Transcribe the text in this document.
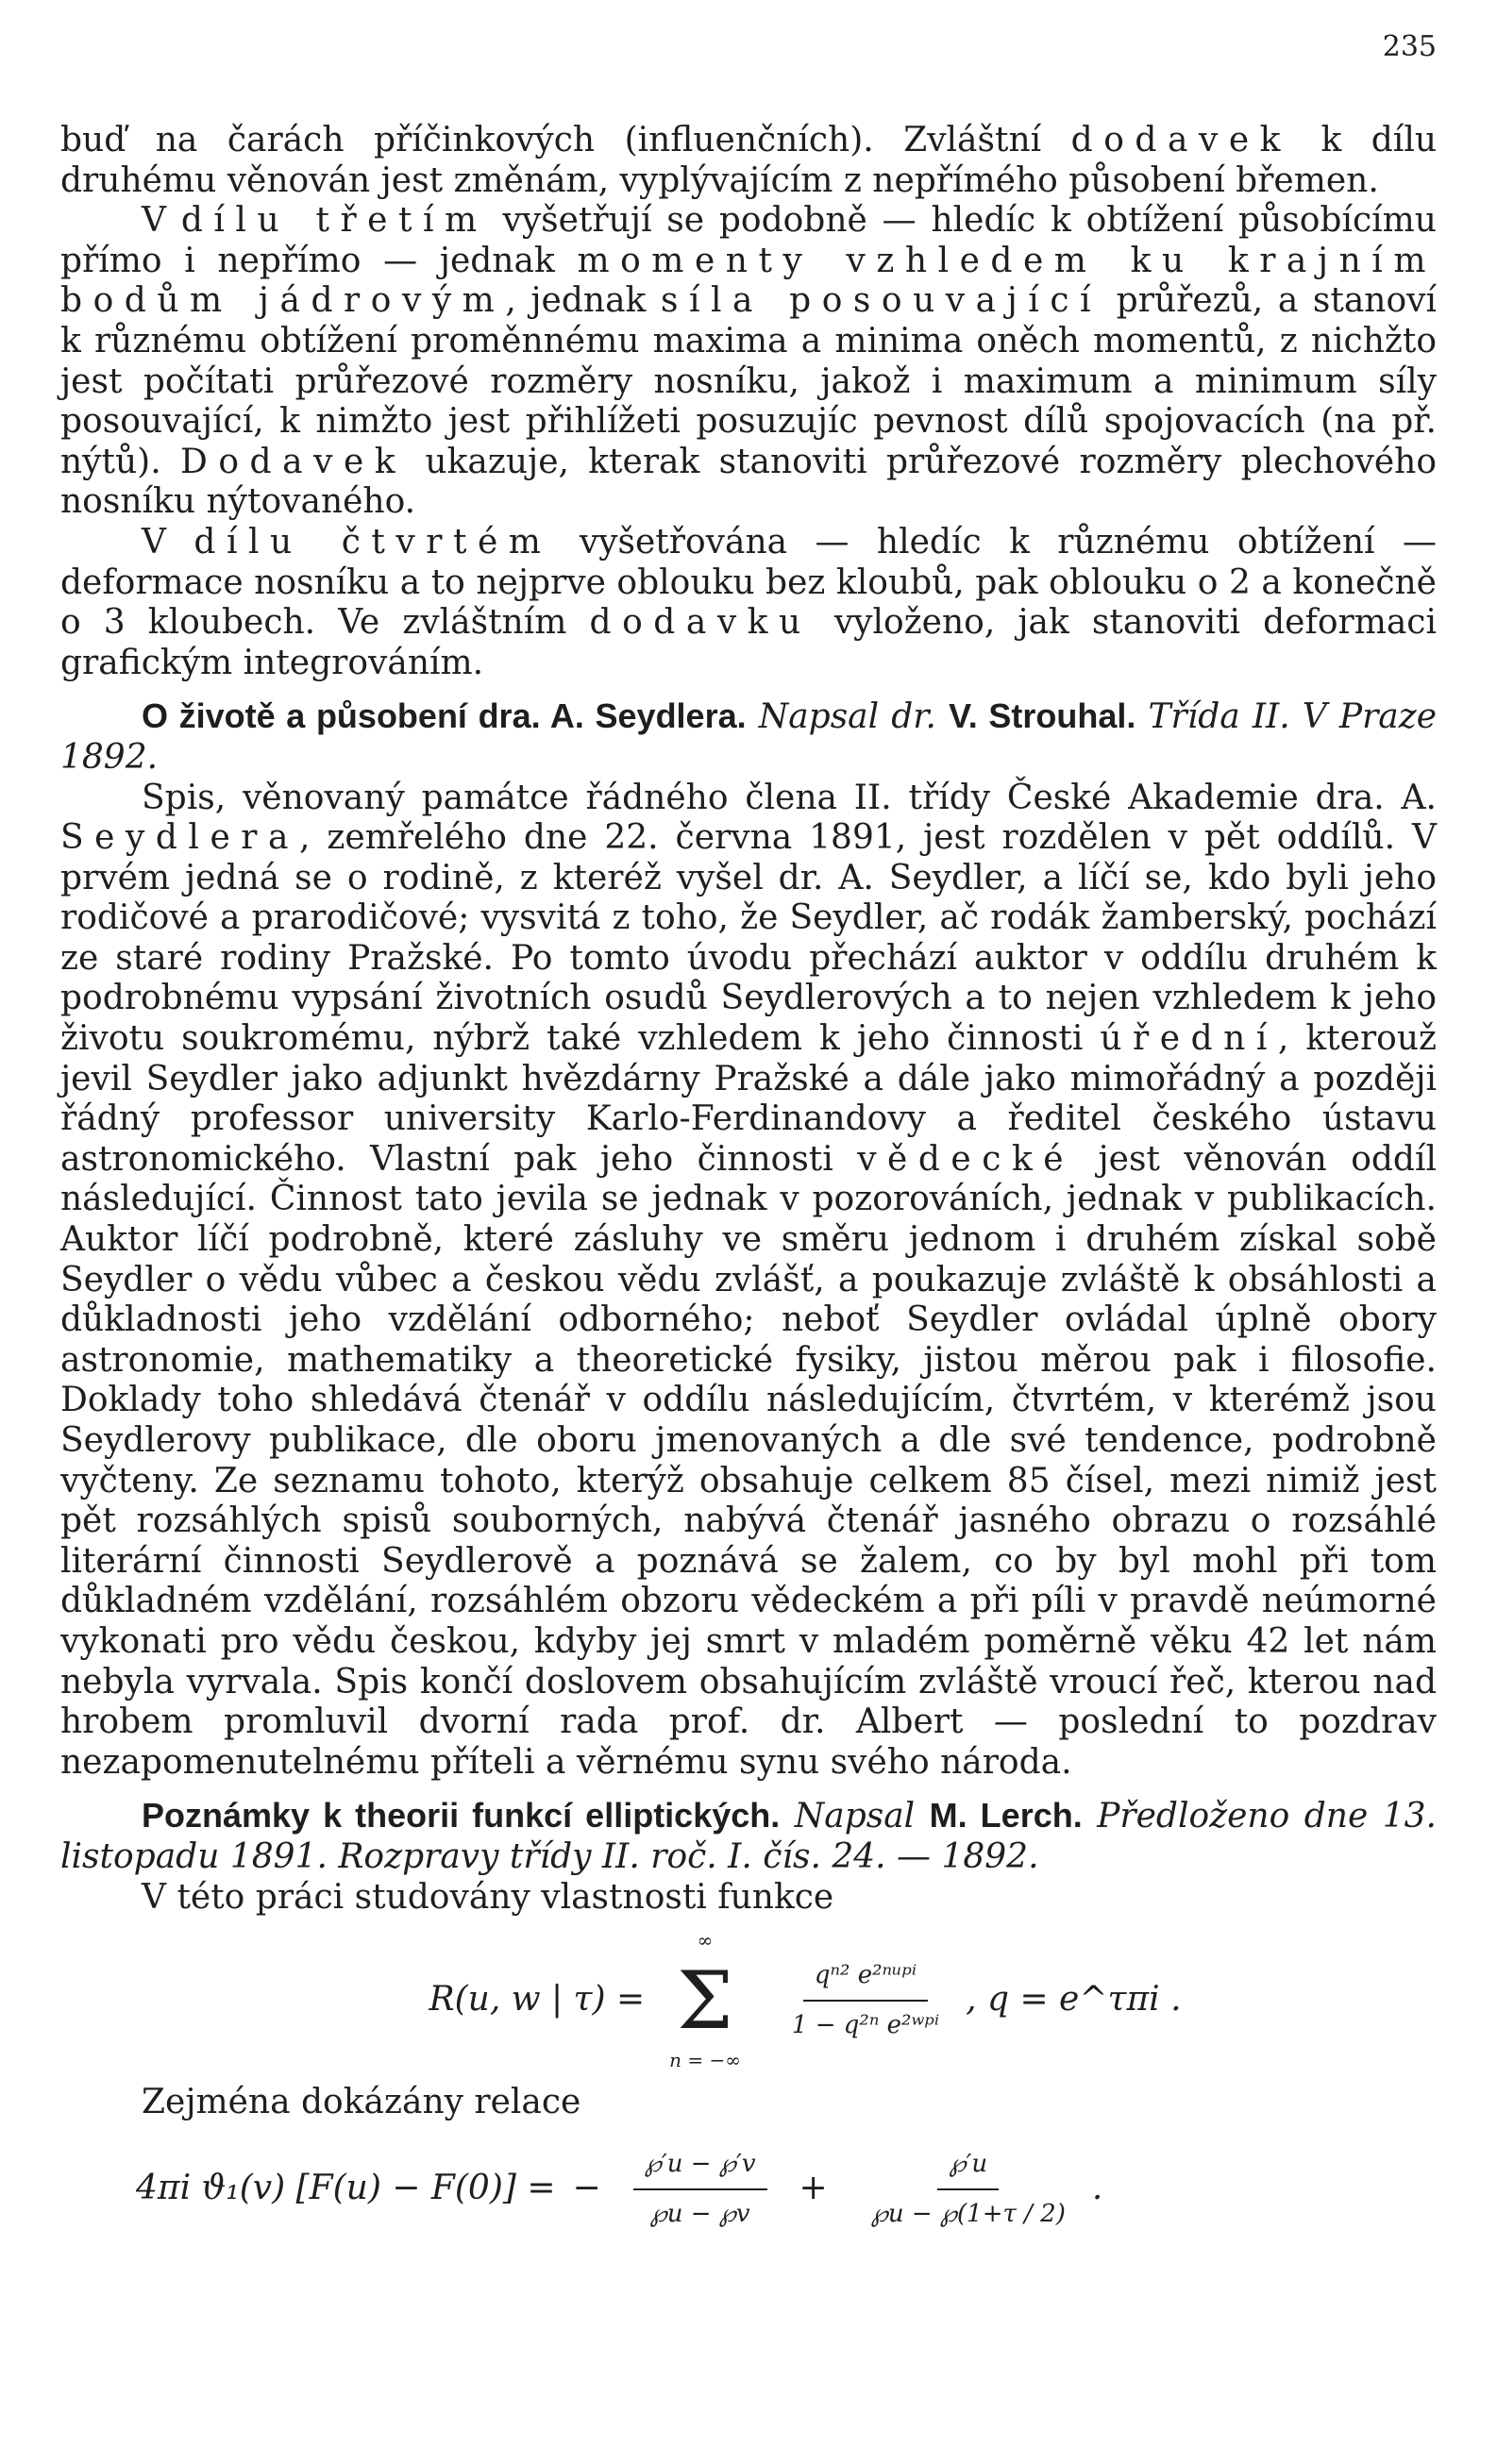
235

buď na čarách příčinkových (influenčních). Zvláštní dodavek k dílu druhému věnován jest změnám, vyplývajícím z nepřímého působení břemen.

V dílu třetím vyšetřují se podobně — hledíc k obtížení působícímu přímo i nepřímo — jednak momenty vzhledem ku krajním bodům jádrovým, jednak síla posouvající průřezů, a stanoví k různému obtížení proměnnému maxima a minima oněch momentů, z nichžto jest počítati průřezové rozměry nosníku, jakož i maximum a minimum síly posouvající, k nimžto jest přihlížeti posuzujíc pevnost dílů spojovacích (na př. nýtů). Dodavek ukazuje, kterak stanoviti průřezové rozměry plechového nosníku nýtovaného.

V dílu čtvrtém vyšetřována — hledíc k různému obtížení — deformace nosníku a to nejprve oblouku bez kloubů, pak oblouku o 2 a konečně o 3 kloubech. Ve zvláštním dodavku vyloženo, jak stanoviti deformaci grafickým integrováním.

O životě a působení dra. A. Seydlera. Napsal dr. V. Strouhal. Třída II. V Praze 1892.

Spis, věnovaný památce řádného člena II. třídy České Akademie dra. A. Seydlera, zemřelého dne 22. června 1891, jest rozdělen v pět oddílů. V prvém jedná se o rodině, z kteréž vyšel dr. A. Seydler, a líčí se, kdo byli jeho rodičové a prarodičové; vysvitá z toho, že Seydler, ač rodák žamberský, pochází ze staré rodiny Pražské. Po tomto úvodu přechází auktor v oddílu druhém k podrobnému vypsání životních osudů Seydlerových a to nejen vzhledem k jeho životu soukromému, nýbrž také vzhledem k jeho činnosti úřední, kterouž jevil Seydler jako adjunkt hvězdárny Pražské a dále jako mimořádný a později řádný professor university Karlo-Ferdinandovy a ředitel českého ústavu astronomického. Vlastní pak jeho činnosti vědecké jest věnován oddíl následující. Činnost tato jevila se jednak v pozorováních, jednak v publikacích. Auktor líčí podrobně, které zásluhy ve směru jednom i druhém získal sobě Seydler o vědu vůbec a českou vědu zvlášť, a poukazuje zvláště k obsáhlosti a důkladnosti jeho vzdělání odborného; neboť Seydler ovládal úplně obory astronomie, mathematiky a theoretické fysiky, jistou měrou pak i filosofie. Doklady toho shledává čtenář v oddílu následujícím, čtvrtém, v kterémž jsou Seydlerovy publikace, dle oboru jmenovaných a dle své tendence, podrobně vyčteny. Ze seznamu tohoto, kterýž obsahuje celkem 85 čísel, mezi nimiž jest pět rozsáhlých spisů souborných, nabývá čtenář jasného obrazu o rozsáhlé literární činnosti Seydlerově a poznává se žalem, co by byl mohl při tom důkladném vzdělání, rozsáhlém obzoru vědeckém a při píli v pravdě neúmorné vykonati pro vědu českou, kdyby jej smrt v mladém poměrně věku 42 let nám nebyla vyrvala. Spis končí doslovem obsahujícím zvláště vroucí řeč, kterou nad hrobem promluvil dvorní rada prof. dr. Albert — poslední to pozdrav nezapomenutelnému příteli a věrnému synu svého národa.

Poznámky k theorii funkcí elliptických. Napsal M. Lerch. Předloženo dne 13. listopadu 1891. Rozpravy třídy II. roč. I. čís. 24. — 1892.

V této práci studovány vlastnosti funkce

R(u, w | τ) =
∞
Σ
n = −∞
$\frac{\text{qⁿ² e²ⁿᵘᵖⁱ}}{\text{1 − q²ⁿ e²ʷᵖⁱ}}$ , q = e^τπi .

Zejména dokázány relace

4πi ϑ₁(v) [F(u) − F(0)] = − $\frac{℘'u - ℘'v}{℘u - ℘v} + \frac{℘'u}{℘u - ℘(1+\tau / 2)}$ .
